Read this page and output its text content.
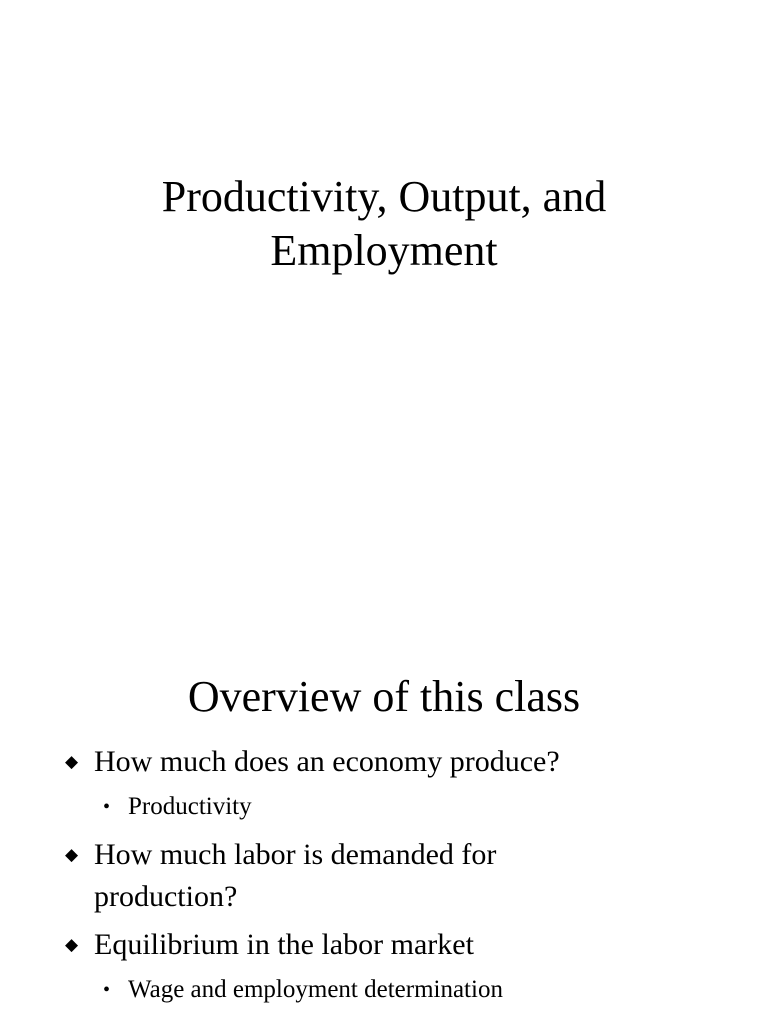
Productivity, Output, and
Employment
Overview of this class
◆ How much does an economy produce?
• Productivity
◆ How much labor is demanded for
production?
◆ Equilibrium in the labor market
• Wage and employment determination
